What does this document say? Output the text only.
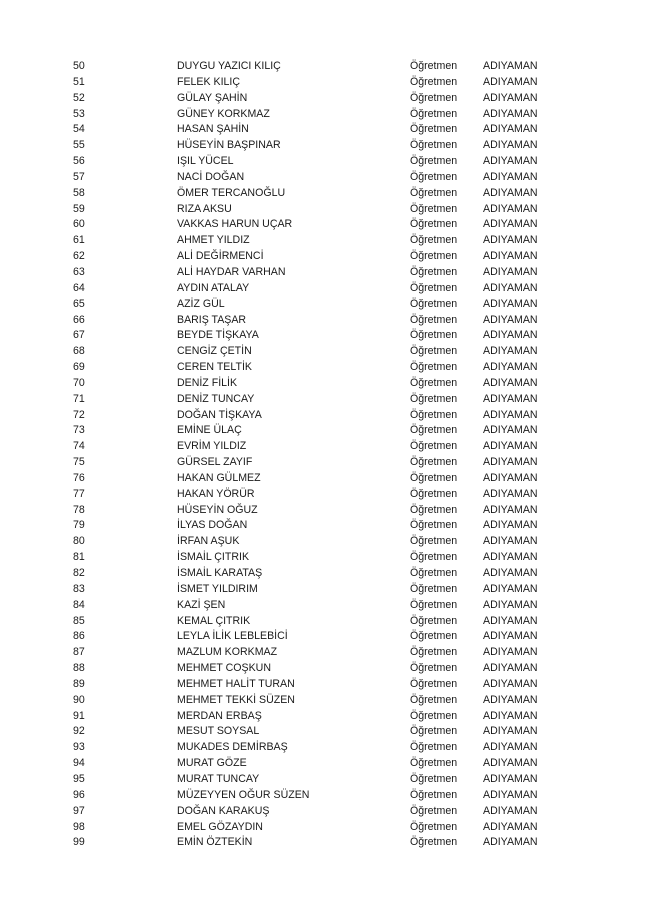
50	DUYGU YAZICI KILIÇ	Öğretmen ADIYAMAN
51	FELEK KILIÇ	Öğretmen ADIYAMAN
52	GÜLAY ŞAHİN	Öğretmen ADIYAMAN
53	GÜNEY KORKMAZ	Öğretmen ADIYAMAN
54	HASAN ŞAHİN	Öğretmen ADIYAMAN
55	HÜSEYİN BAŞPINAR	Öğretmen ADIYAMAN
56	IŞIL YÜCEL	Öğretmen ADIYAMAN
57	NACİ DOĞAN	Öğretmen ADIYAMAN
58	ÖMER TERCANOĞLU	Öğretmen ADIYAMAN
59	RIZA AKSU	Öğretmen ADIYAMAN
60	VAKKAS HARUN UÇAR	Öğretmen ADIYAMAN
61	AHMET YILDIZ	Öğretmen ADIYAMAN
62	ALİ DEĞİRMENCİ	Öğretmen ADIYAMAN
63	ALİ HAYDAR VARHAN	Öğretmen ADIYAMAN
64	AYDIN ATALAY	Öğretmen ADIYAMAN
65	AZİZ GÜL	Öğretmen ADIYAMAN
66	BARIŞ TAŞAR	Öğretmen ADIYAMAN
67	BEYDE TİŞKAYA	Öğretmen ADIYAMAN
68	CENGİZ ÇETİN	Öğretmen ADIYAMAN
69	CEREN TELTİK	Öğretmen ADIYAMAN
70	DENİZ FİLİK	Öğretmen ADIYAMAN
71	DENİZ TUNCAY	Öğretmen ADIYAMAN
72	DOĞAN TİŞKAYA	Öğretmen ADIYAMAN
73	EMİNE ÜLAÇ	Öğretmen ADIYAMAN
74	EVRİM YILDIZ	Öğretmen ADIYAMAN
75	GÜRSEL ZAYIF	Öğretmen ADIYAMAN
76	HAKAN GÜLMEZ	Öğretmen ADIYAMAN
77	HAKAN YÖRÜR	Öğretmen ADIYAMAN
78	HÜSEYİN OĞUZ	Öğretmen ADIYAMAN
79	İLYAS DOĞAN	Öğretmen ADIYAMAN
80	İRFAN AŞUK	Öğretmen ADIYAMAN
81	İSMAİL ÇITRIK	Öğretmen ADIYAMAN
82	İSMAİL KARATAŞ	Öğretmen ADIYAMAN
83	İSMET YILDIRIM	Öğretmen ADIYAMAN
84	KAZİ ŞEN	Öğretmen ADIYAMAN
85	KEMAL ÇITRIK	Öğretmen ADIYAMAN
86	LEYLA İLİK LEBLEBİCİ	Öğretmen ADIYAMAN
87	MAZLUM KORKMAZ	Öğretmen ADIYAMAN
88	MEHMET COŞKUN	Öğretmen ADIYAMAN
89	MEHMET HALİT TURAN	Öğretmen ADIYAMAN
90	MEHMET TEKKİ SÜZEN	Öğretmen ADIYAMAN
91	MERDAN ERBAŞ	Öğretmen ADIYAMAN
92	MESUT SOYSAL	Öğretmen ADIYAMAN
93	MUKADES DEMİRBAŞ	Öğretmen ADIYAMAN
94	MURAT GÖZE	Öğretmen ADIYAMAN
95	MURAT TUNCAY	Öğretmen ADIYAMAN
96	MÜZEYYEN OĞUR SÜZEN	Öğretmen ADIYAMAN
97	DOĞAN KARAKUŞ	Öğretmen ADIYAMAN
98	EMEL GÖZAYDIN	Öğretmen ADIYAMAN
99	EMİN ÖZTEKİN	Öğretmen ADIYAMAN
